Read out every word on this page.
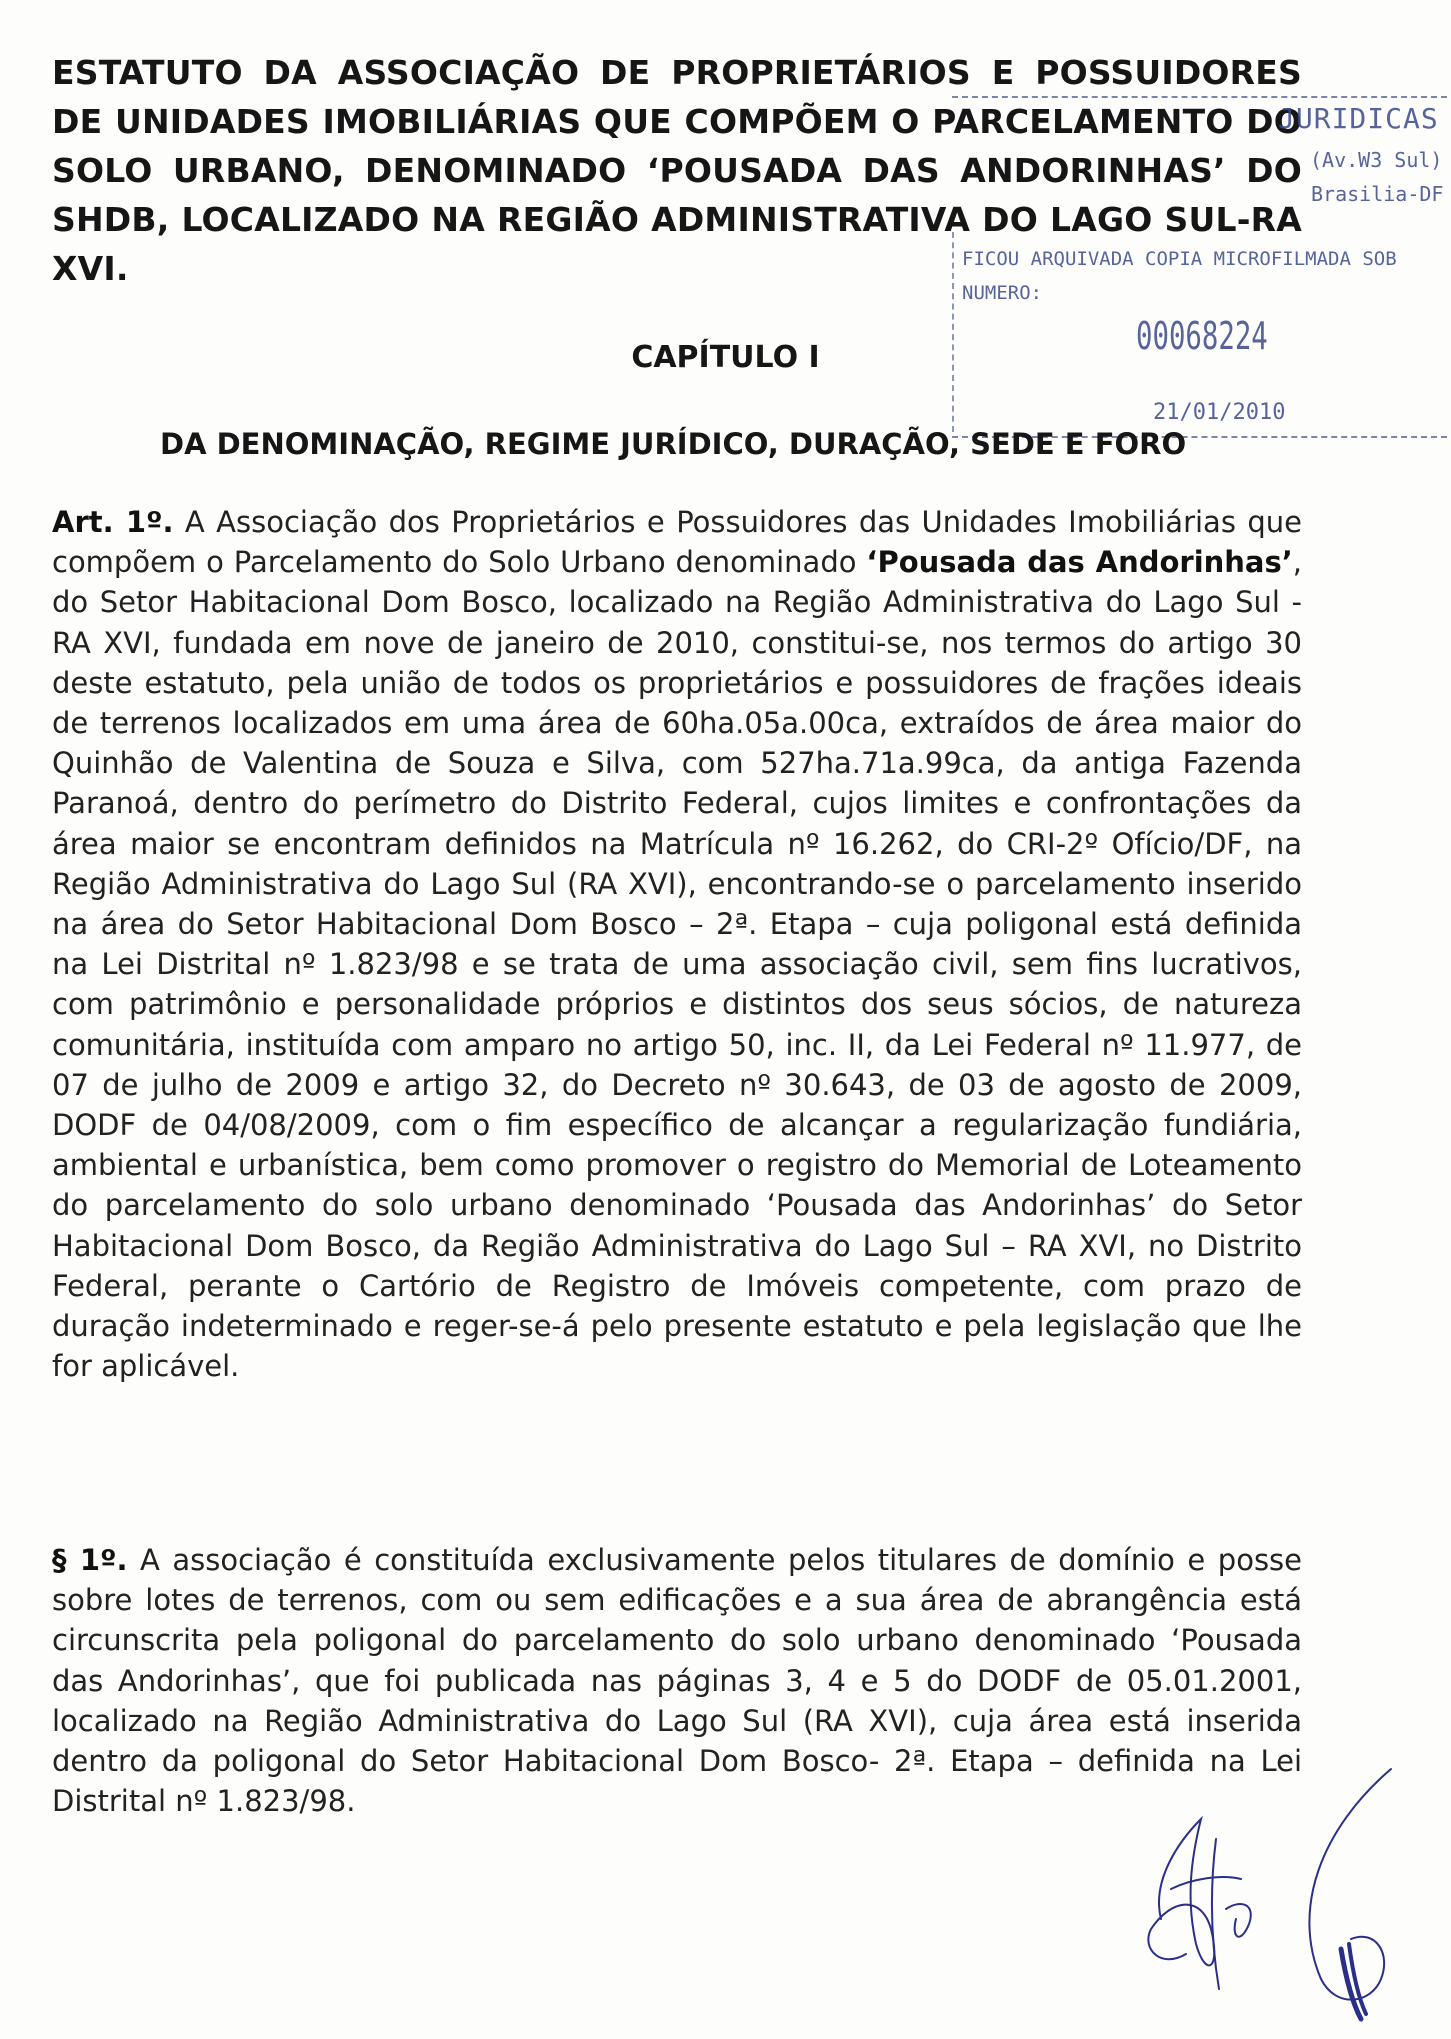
ESTATUTO DA ASSOCIAÇÃO DE PROPRIETÁRIOS E POSSUIDORES DE UNIDADES IMOBILIÁRIAS QUE COMPÕEM O PARCELAMENTO DO SOLO URBANO, DENOMINADO ‘POUSADA DAS ANDORINHAS’ DO SHDB, LOCALIZADO NA REGIÃO ADMINISTRATIVA DO LAGO SUL-RA XVI.
JURIDICAS
(Av.W3 Sul)
Brasilia-DF
FICOU ARQUIVADA COPIA MICROFILMADA SOB
NUMERO:
00068224
21/01/2010
CAPÍTULO I
DA DENOMINAÇÃO, REGIME JURÍDICO, DURAÇÃO, SEDE E FORO

Art. 1º. A Associação dos Proprietários e Possuidores das Unidades Imobiliárias que compõem o Parcelamento do Solo Urbano denominado ‘Pousada das Andorinhas’, do Setor Habitacional Dom Bosco, localizado na Região Administrativa do Lago Sul - RA XVI, fundada em nove de janeiro de 2010, constitui-se, nos termos do artigo 30 deste estatuto, pela união de todos os proprietários e possuidores de frações ideais de terrenos localizados em uma área de 60ha.05a.00ca, extraídos de área maior do Quinhão de Valentina de Souza e Silva, com 527ha.71a.99ca, da antiga Fazenda Paranoá, dentro do perímetro do Distrito Federal, cujos limites e confrontações da área maior se encontram definidos na Matrícula nº 16.262, do CRI-2º Ofício/DF, na Região Administrativa do Lago Sul (RA XVI), encontrando-se o parcelamento inserido na área do Setor Habitacional Dom Bosco – 2ª. Etapa – cuja poligonal está definida na Lei Distrital nº 1.823/98 e se trata de uma associação civil, sem fins lucrativos, com patrimônio e personalidade próprios e distintos dos seus sócios, de natureza comunitária, instituída com amparo no artigo 50, inc. II, da Lei Federal nº 11.977, de 07 de julho de 2009 e artigo 32, do Decreto nº 30.643, de 03 de agosto de 2009, DODF de 04/08/2009, com o fim específico de alcançar a regularização fundiária, ambiental e urbanística, bem como promover o registro do Memorial de Loteamento do parcelamento do solo urbano denominado ‘Pousada das Andorinhas’ do Setor Habitacional Dom Bosco, da Região Administrativa do Lago Sul – RA XVI, no Distrito Federal, perante o Cartório de Registro de Imóveis competente, com prazo de duração indeterminado e reger-se-á pelo presente estatuto e pela legislação que lhe for aplicável.

§ 1º. A associação é constituída exclusivamente pelos titulares de domínio e posse sobre lotes de terrenos, com ou sem edificações e a sua área de abrangência está circunscrita pela poligonal do parcelamento do solo urbano denominado ‘Pousada das Andorinhas’, que foi publicada nas páginas 3, 4 e 5 do DODF de 05.01.2001, localizado na Região Administrativa do Lago Sul (RA XVI), cuja área está inserida dentro da poligonal do Setor Habitacional Dom Bosco- 2ª. Etapa – definida na Lei Distrital nº 1.823/98.
